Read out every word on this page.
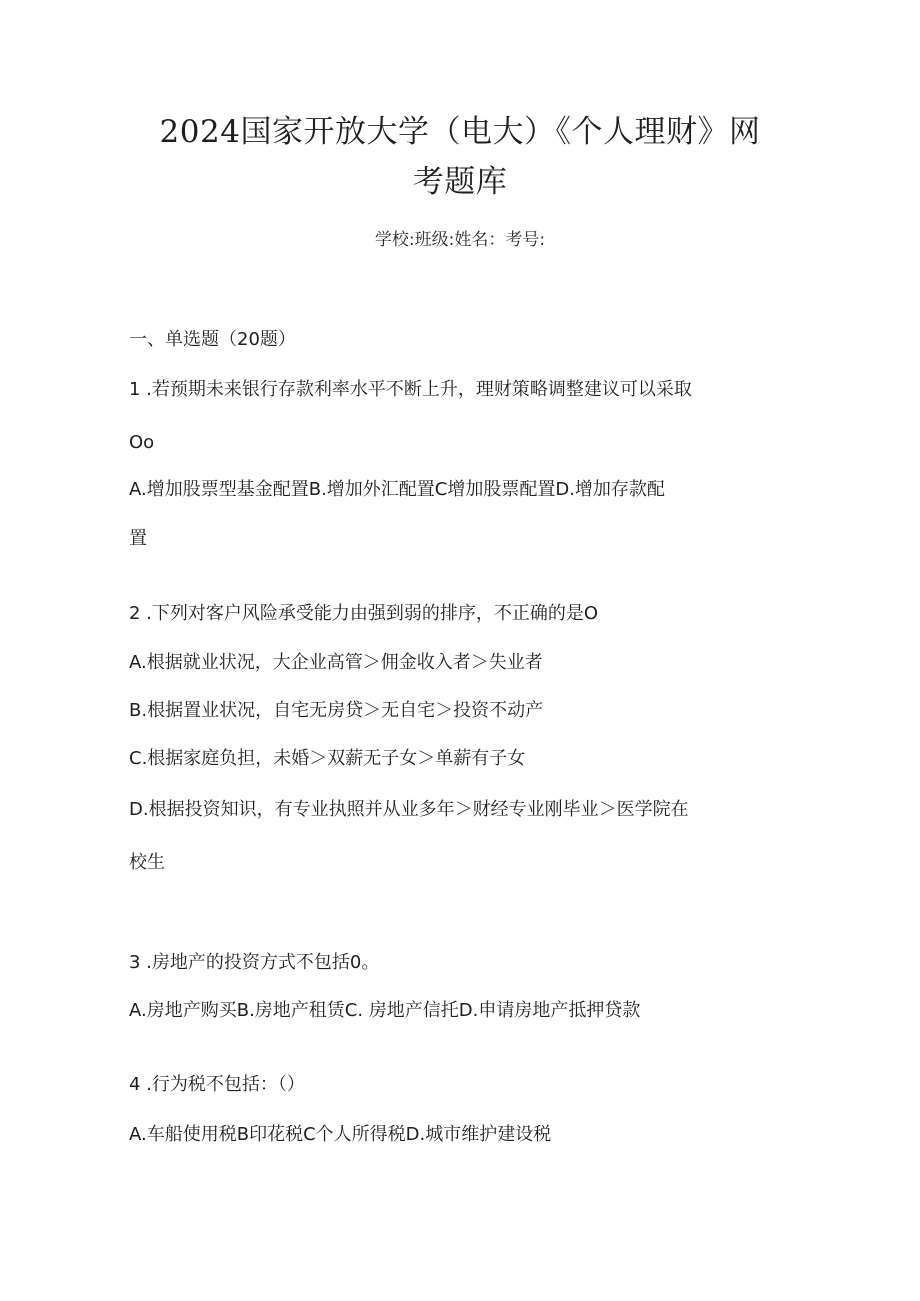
2024国家开放大学（电大）《个人理财》网
考题库
学校:班级:姓名：考号:
一、单选题（20题）
1 .若预期未来银行存款利率水平不断上升，理财策略调整建议可以采取
Oo
A.增加股票型基金配置B.增加外汇配置C增加股票配置D.增加存款配
置
2 .下列对客户风险承受能力由强到弱的排序，不正确的是O
A.根据就业状况，大企业高管＞佣金收入者＞失业者
B.根据置业状况，自宅无房贷＞无自宅＞投资不动产
C.根据家庭负担，未婚＞双薪无子女＞单薪有子女
D.根据投资知识，有专业执照并从业多年＞财经专业刚毕业＞医学院在
校生
3 .房地产的投资方式不包括0。
A.房地产购买B.房地产租赁C. 房地产信托D.申请房地产抵押贷款
4 .行为税不包括：（）
A.车船使用税B印花税C个人所得税D.城市维护建设税
